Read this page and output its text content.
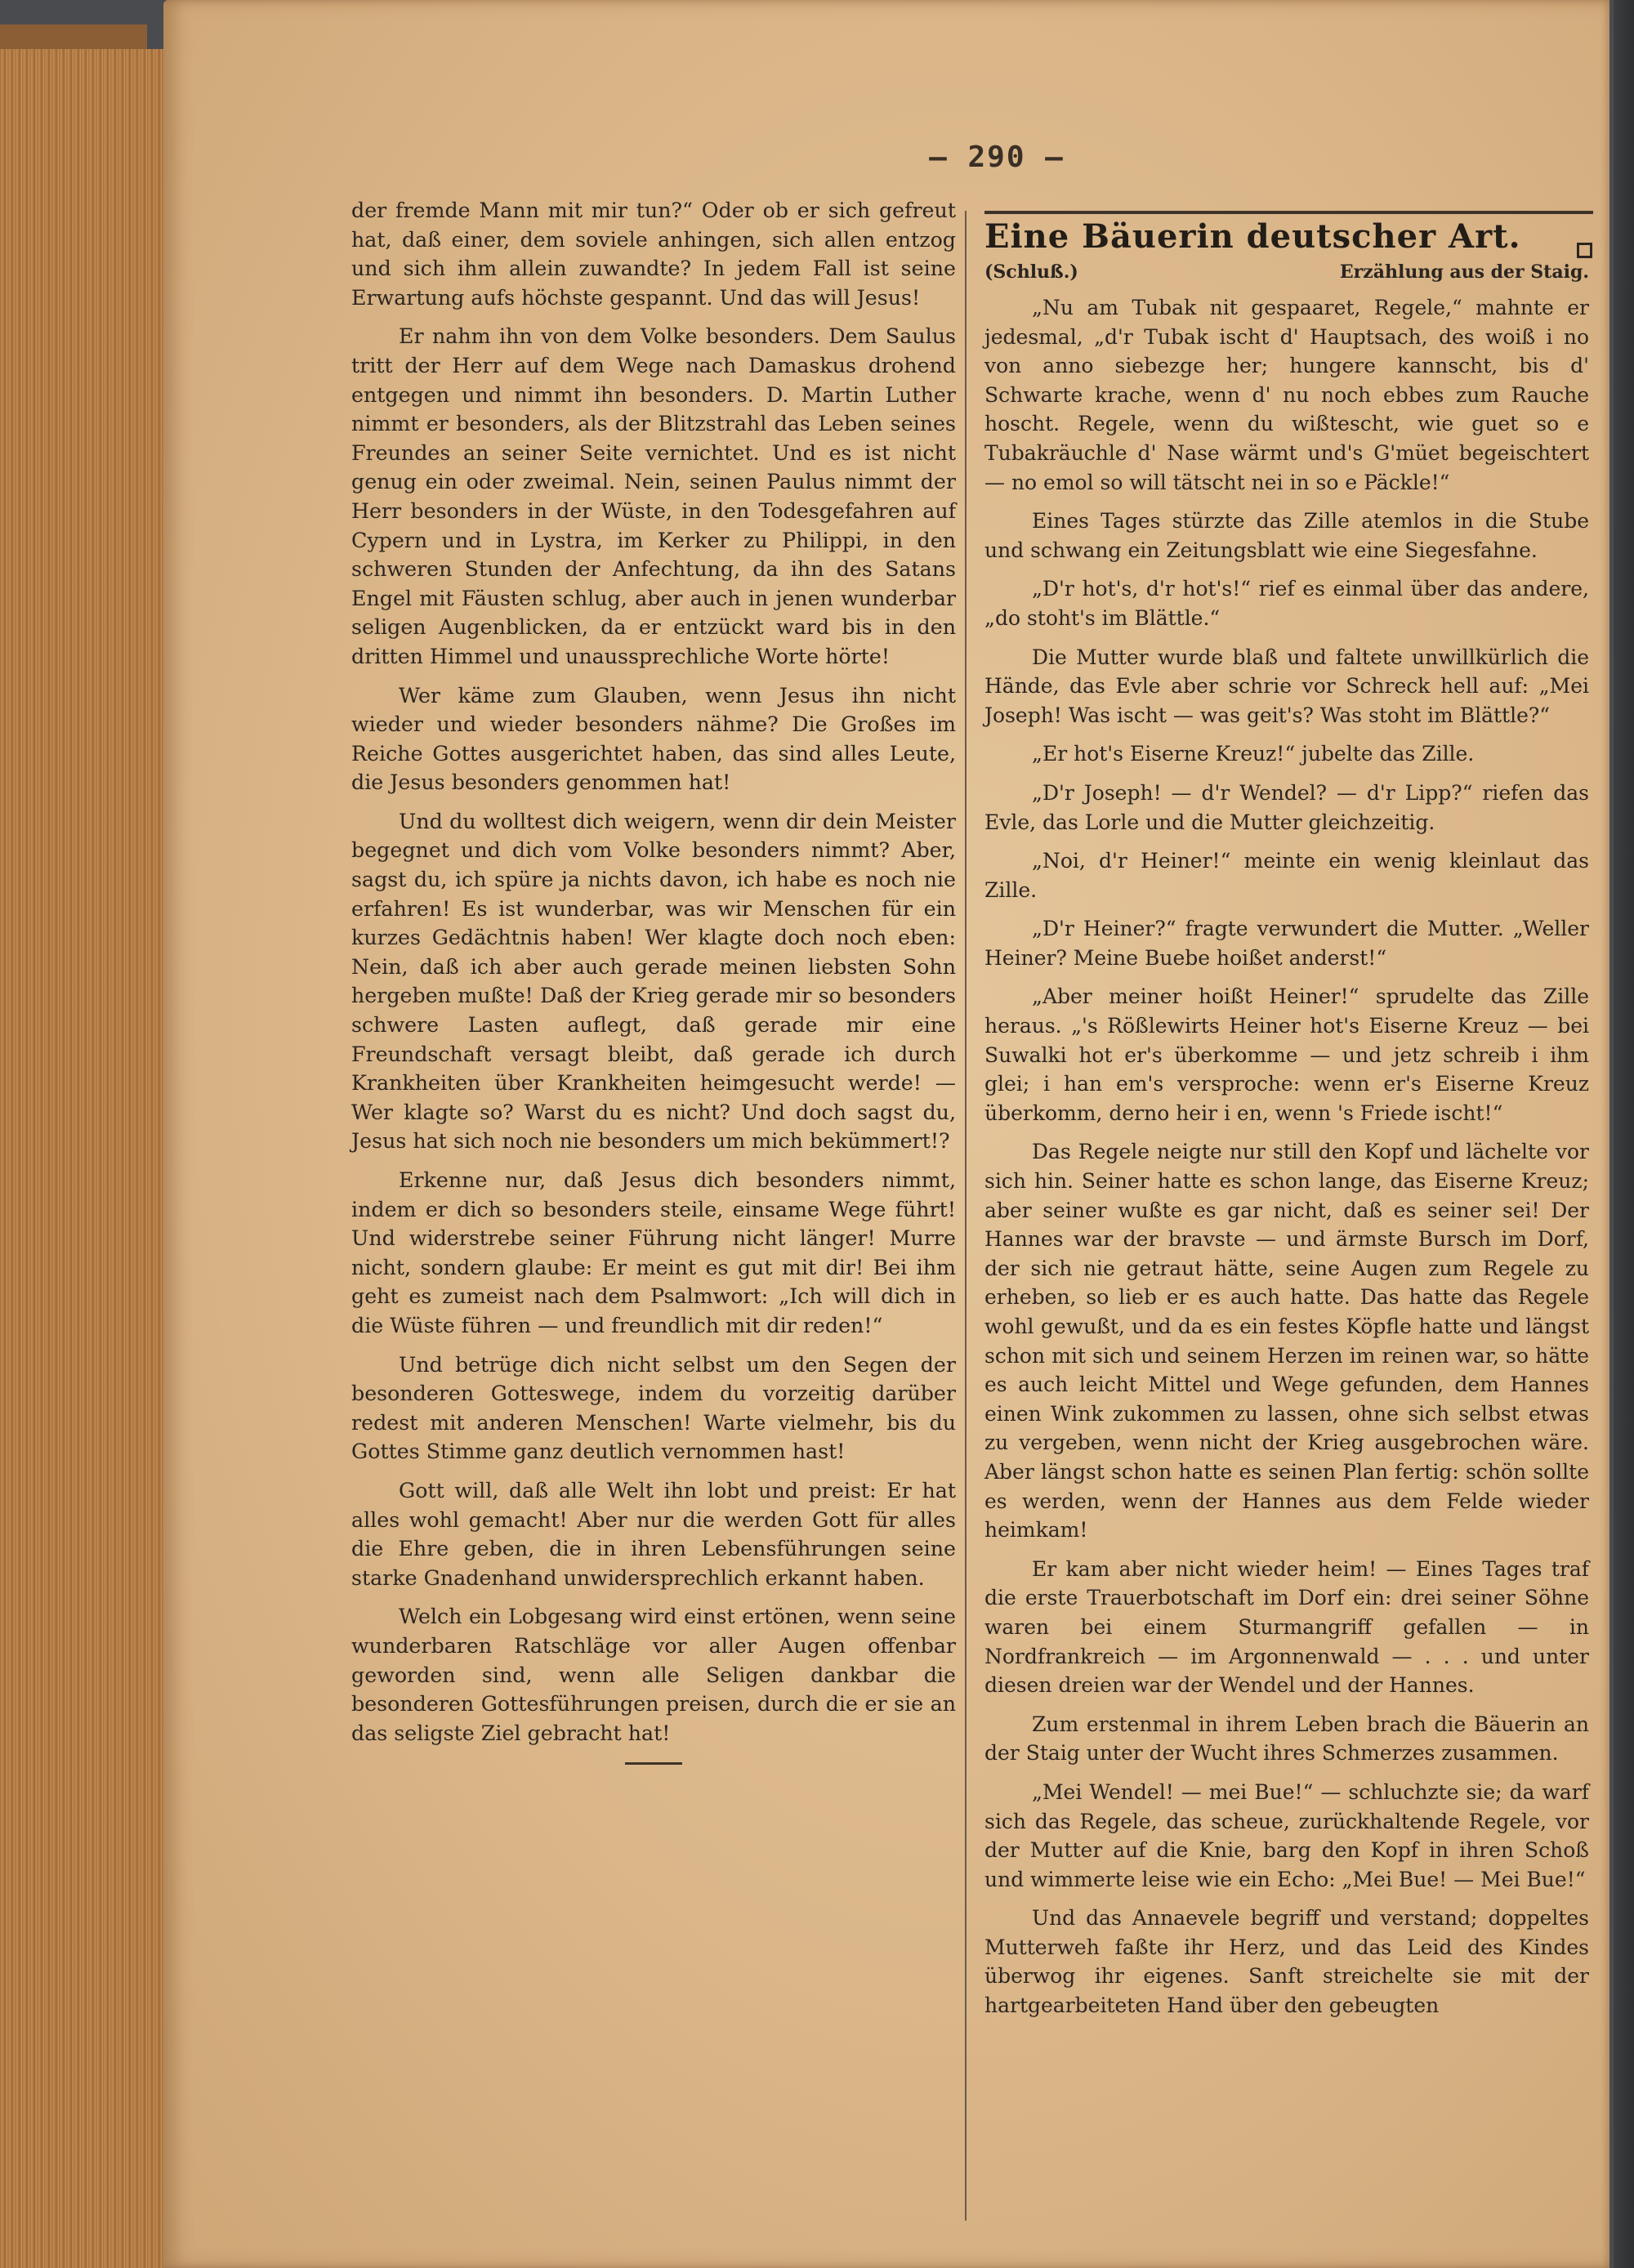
— 290 —

der fremde Mann mit mir tun?“ Oder ob er sich gefreut hat, daß einer, dem soviele anhingen, sich allen entzog und sich ihm allein zuwandte? In jedem Fall ist seine Erwartung aufs höchste gespannt. Und das will Jesus!

Er nahm ihn von dem Volke besonders. Dem Saulus tritt der Herr auf dem Wege nach Damaskus drohend entgegen und nimmt ihn besonders. D. Martin Luther nimmt er besonders, als der Blitzstrahl das Leben seines Freundes an seiner Seite vernichtet. Und es ist nicht genug ein oder zweimal. Nein, seinen Paulus nimmt der Herr besonders in der Wüste, in den Todesgefahren auf Cypern und in Lystra, im Kerker zu Philippi, in den schweren Stunden der Anfechtung, da ihn des Satans Engel mit Fäusten schlug, aber auch in jenen wunderbar seligen Augenblicken, da er entzückt ward bis in den dritten Himmel und unaussprechliche Worte hörte!

Wer käme zum Glauben, wenn Jesus ihn nicht wieder und wieder besonders nähme? Die Großes im Reiche Gottes ausgerichtet haben, das sind alles Leute, die Jesus besonders genommen hat!

Und du wolltest dich weigern, wenn dir dein Meister begegnet und dich vom Volke besonders nimmt? Aber, sagst du, ich spüre ja nichts davon, ich habe es noch nie erfahren! Es ist wunderbar, was wir Menschen für ein kurzes Gedächtnis haben! Wer klagte doch noch eben: Nein, daß ich aber auch gerade meinen liebsten Sohn hergeben mußte! Daß der Krieg gerade mir so besonders schwere Lasten auflegt, daß gerade mir eine Freundschaft versagt bleibt, daß gerade ich durch Krankheiten über Krankheiten heimgesucht werde! — Wer klagte so? Warst du es nicht? Und doch sagst du, Jesus hat sich noch nie besonders um mich bekümmert!?

Erkenne nur, daß Jesus dich besonders nimmt, indem er dich so besonders steile, einsame Wege führt! Und widerstrebe seiner Führung nicht länger! Murre nicht, sondern glaube: Er meint es gut mit dir! Bei ihm geht es zumeist nach dem Psalmwort: „Ich will dich in die Wüste führen — und freundlich mit dir reden!“

Und betrüge dich nicht selbst um den Segen der besonderen Gotteswege, indem du vorzeitig darüber redest mit anderen Menschen! Warte vielmehr, bis du Gottes Stimme ganz deutlich vernommen hast!

Gott will, daß alle Welt ihn lobt und preist: Er hat alles wohl gemacht! Aber nur die werden Gott für alles die Ehre geben, die in ihren Lebensführungen seine starke Gnadenhand unwidersprechlich erkannt haben.

Welch ein Lobgesang wird einst ertönen, wenn seine wunderbaren Ratschläge vor aller Augen offenbar geworden sind, wenn alle Seligen dankbar die besonderen Gottesführungen preisen, durch die er sie an das seligste Ziel gebracht hat!

Eine Bäuerin deutscher Art.
(Schluß.)	Erzählung aus der Staig.

„Nu am Tubak nit gespaaret, Regele,“ mahnte er jedesmal, „d'r Tubak ischt d' Hauptsach, des woiß i no von anno siebezge her; hungere kannscht, bis d' Schwarte krache, wenn d' nu noch ebbes zum Rauche hoscht. Regele, wenn du wißtescht, wie guet so e Tubakräuchle d' Nase wärmt und's G'müet begeischtert — no emol so will tätscht nei in so e Päckle!“

Eines Tages stürzte das Zille atemlos in die Stube und schwang ein Zeitungsblatt wie eine Siegesfahne.

„D'r hot's, d'r hot's!“ rief es einmal über das andere, „do stoht's im Blättle.“

Die Mutter wurde blaß und faltete unwillkürlich die Hände, das Evle aber schrie vor Schreck hell auf: „Mei Joseph! Was ischt — was geit's? Was stoht im Blättle?“

„Er hot's Eiserne Kreuz!“ jubelte das Zille.

„D'r Joseph! — d'r Wendel? — d'r Lipp?“ riefen das Evle, das Lorle und die Mutter gleichzeitig.

„Noi, d'r Heiner!“ meinte ein wenig kleinlaut das Zille.

„D'r Heiner?“ fragte verwundert die Mutter. „Weller Heiner? Meine Buebe hoißet anderst!“

„Aber meiner hoißt Heiner!“ sprudelte das Zille heraus. „'s Rößlewirts Heiner hot's Eiserne Kreuz — bei Suwalki hot er's überkomme — und jetz schreib i ihm glei; i han em's versproche: wenn er's Eiserne Kreuz überkomm, derno heir i en, wenn 's Friede ischt!“

Das Regele neigte nur still den Kopf und lächelte vor sich hin. Seiner hatte es schon lange, das Eiserne Kreuz; aber seiner wußte es gar nicht, daß es seiner sei! Der Hannes war der bravste — und ärmste Bursch im Dorf, der sich nie getraut hätte, seine Augen zum Regele zu erheben, so lieb er es auch hatte. Das hatte das Regele wohl gewußt, und da es ein festes Köpfle hatte und längst schon mit sich und seinem Herzen im reinen war, so hätte es auch leicht Mittel und Wege gefunden, dem Hannes einen Wink zukommen zu lassen, ohne sich selbst etwas zu vergeben, wenn nicht der Krieg ausgebrochen wäre. Aber längst schon hatte es seinen Plan fertig: schön sollte es werden, wenn der Hannes aus dem Felde wieder heimkam!

Er kam aber nicht wieder heim! — Eines Tages traf die erste Trauerbotschaft im Dorf ein: drei seiner Söhne waren bei einem Sturmangriff gefallen — in Nordfrankreich — im Argonnenwald — . . . und unter diesen dreien war der Wendel und der Hannes.

Zum erstenmal in ihrem Leben brach die Bäuerin an der Staig unter der Wucht ihres Schmerzes zusammen.

„Mei Wendel! — mei Bue!“ — schluchzte sie; da warf sich das Regele, das scheue, zurückhaltende Regele, vor der Mutter auf die Knie, barg den Kopf in ihren Schoß und wimmerte leise wie ein Echo: „Mei Bue! — Mei Bue!“

Und das Annaevele begriff und verstand; doppeltes Mutterweh faßte ihr Herz, und das Leid des Kindes überwog ihr eigenes. Sanft streichelte sie mit der hartgearbeiteten Hand über den gebeugten
